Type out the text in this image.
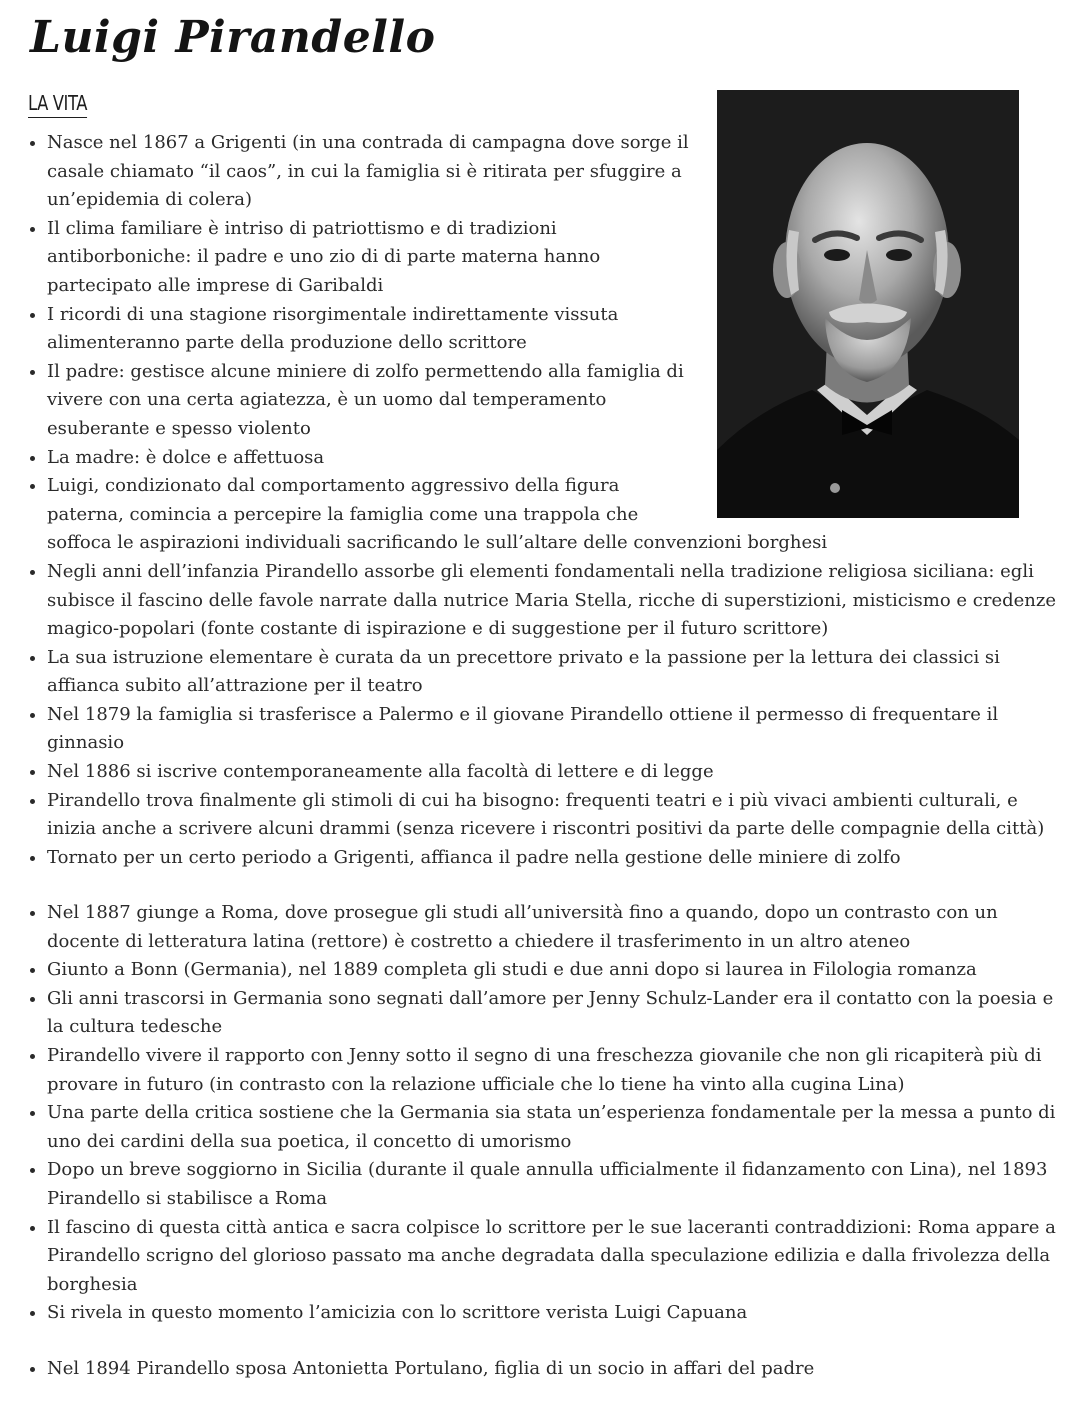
Luigi Pirandello
LA VITA
Nasce nel 1867 a Grigenti (in una contrada di campagna dove sorge il
casale chiamato “il caos”, in cui la famiglia si è ritirata per sfuggire a
un’epidemia di colera)
Il clima familiare è intriso di patriottismo e di tradizioni
antiborboniche: il padre e uno zio di di parte materna hanno
partecipato alle imprese di Garibaldi
I ricordi di una stagione risorgimentale indirettamente vissuta
alimenteranno parte della produzione dello scrittore
Il padre: gestisce alcune miniere di zolfo permettendo alla famiglia di
vivere con una certa agiatezza, è un uomo dal temperamento
esuberante e spesso violento
La madre: è dolce e affettuosa
Luigi, condizionato dal comportamento aggressivo della figura
paterna, comincia a percepire la famiglia come una trappola che
soffoca le aspirazioni individuali sacrificando le sull’altare delle convenzioni borghesi
Negli anni dell’infanzia Pirandello assorbe gli elementi fondamentali nella tradizione religiosa siciliana: egli
subisce il fascino delle favole narrate dalla nutrice Maria Stella, ricche di superstizioni, misticismo e credenze
magico-popolari (fonte costante di ispirazione e di suggestione per il futuro scrittore)
La sua istruzione elementare è curata da un precettore privato e la passione per la lettura dei classici si
affianca subito all’attrazione per il teatro
Nel 1879 la famiglia si trasferisce a Palermo e il giovane Pirandello ottiene il permesso di frequentare il
ginnasio
Nel 1886 si iscrive contemporaneamente alla facoltà di lettere e di legge
Pirandello trova finalmente gli stimoli di cui ha bisogno: frequenti teatri e i più vivaci ambienti culturali, e
inizia anche a scrivere alcuni drammi (senza ricevere i riscontri positivi da parte delle compagnie della città)
Tornato per un certo periodo a Grigenti, affianca il padre nella gestione delle miniere di zolfo
Nel 1887 giunge a Roma, dove prosegue gli studi all’università fino a quando, dopo un contrasto con un
docente di letteratura latina (rettore) è costretto a chiedere il trasferimento in un altro ateneo
Giunto a Bonn (Germania), nel 1889 completa gli studi e due anni dopo si laurea in Filologia romanza
Gli anni trascorsi in Germania sono segnati dall’amore per Jenny Schulz-Lander era il contatto con la poesia e
la cultura tedesche
Pirandello vivere il rapporto con Jenny sotto il segno di una freschezza giovanile che non gli ricapiterà più di
provare in futuro (in contrasto con la relazione ufficiale che lo tiene ha vinto alla cugina Lina)
Una parte della critica sostiene che la Germania sia stata un’esperienza fondamentale per la messa a punto di
uno dei cardini della sua poetica, il concetto di umorismo
Dopo un breve soggiorno in Sicilia (durante il quale annulla ufficialmente il fidanzamento con Lina), nel 1893
Pirandello si stabilisce a Roma
Il fascino di questa città antica e sacra colpisce lo scrittore per le sue laceranti contraddizioni: Roma appare a
Pirandello scrigno del glorioso passato ma anche degradata dalla speculazione edilizia e dalla frivolezza della
borghesia
Si rivela in questo momento l’amicizia con lo scrittore verista Luigi Capuana
Nel 1894 Pirandello sposa Antonietta Portulano, figlia di un socio in affari del padre
